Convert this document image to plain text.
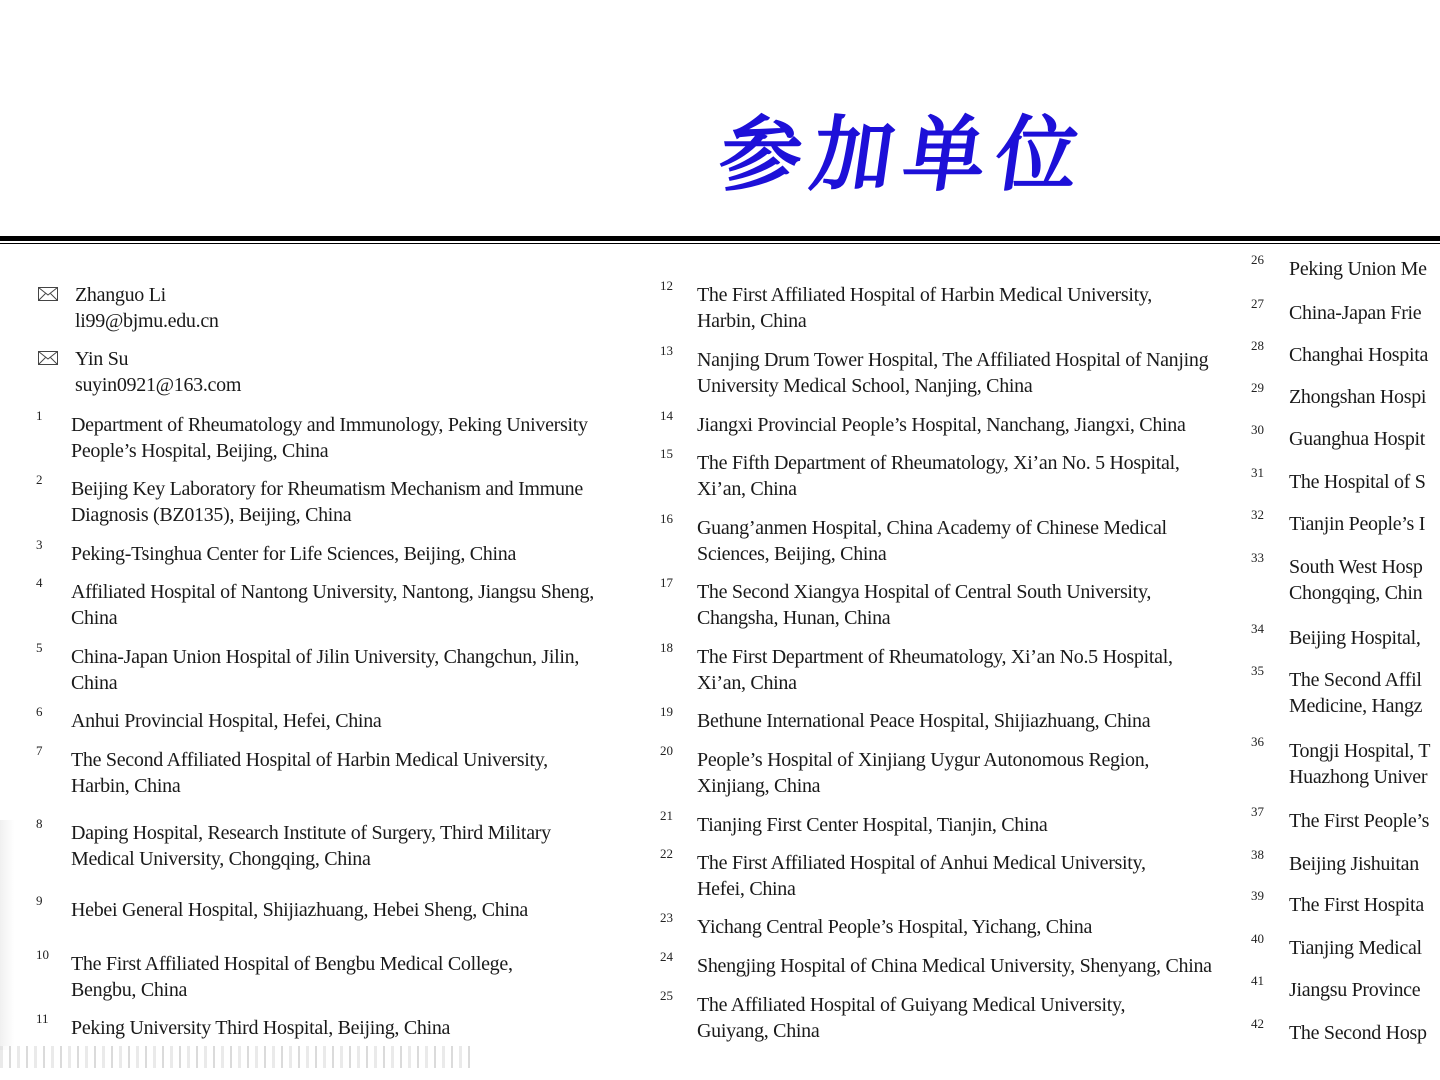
参加单位
Zhanguo Li
li99@bjmu.edu.cn
Yin Su
suyin0921@163.com
1 Department of Rheumatology and Immunology, Peking University
People’s Hospital, Beijing, China
2 Beijing Key Laboratory for Rheumatism Mechanism and Immune
Diagnosis (BZ0135), Beijing, China
3 Peking-Tsinghua Center for Life Sciences, Beijing, China
4 Affiliated Hospital of Nantong University, Nantong, Jiangsu Sheng,
China
5 China-Japan Union Hospital of Jilin University, Changchun, Jilin,
China
6 Anhui Provincial Hospital, Hefei, China
7 The Second Affiliated Hospital of Harbin Medical University,
Harbin, China
8 Daping Hospital, Research Institute of Surgery, Third Military
Medical University, Chongqing, China
9 Hebei General Hospital, Shijiazhuang, Hebei Sheng, China
10 The First Affiliated Hospital of Bengbu Medical College,
Bengbu, China
11 Peking University Third Hospital, Beijing, China
12 The First Affiliated Hospital of Harbin Medical University,
Harbin, China
13 Nanjing Drum Tower Hospital, The Affiliated Hospital of Nanjing
University Medical School, Nanjing, China
14 Jiangxi Provincial People’s Hospital, Nanchang, Jiangxi, China
15 The Fifth Department of Rheumatology, Xi’an No. 5 Hospital,
Xi’an, China
16 Guang’anmen Hospital, China Academy of Chinese Medical
Sciences, Beijing, China
17 The Second Xiangya Hospital of Central South University,
Changsha, Hunan, China
18 The First Department of Rheumatology, Xi’an No.5 Hospital,
Xi’an, China
19 Bethune International Peace Hospital, Shijiazhuang, China
20 People’s Hospital of Xinjiang Uygur Autonomous Region,
Xinjiang, China
21 Tianjing First Center Hospital, Tianjin, China
22 The First Affiliated Hospital of Anhui Medical University,
Hefei, China
23 Yichang Central People’s Hospital, Yichang, China
24 Shengjing Hospital of China Medical University, Shenyang, China
25 The Affiliated Hospital of Guiyang Medical University,
Guiyang, China
26 Peking Union Me
27 China-Japan Frie
28 Changhai Hospita
29 Zhongshan Hospi
30 Guanghua Hospit
31 The Hospital of S
32 Tianjin People’s I
33 South West Hosp
Chongqing, Chin
34 Beijing Hospital,
35 The Second Affil
Medicine, Hangz
36 Tongji Hospital, T
Huazhong Univer
37 The First People’s
38 Beijing Jishuitan
39 The First Hospita
40 Tianjing Medical
41 Jiangsu Province
42 The Second Hosp
